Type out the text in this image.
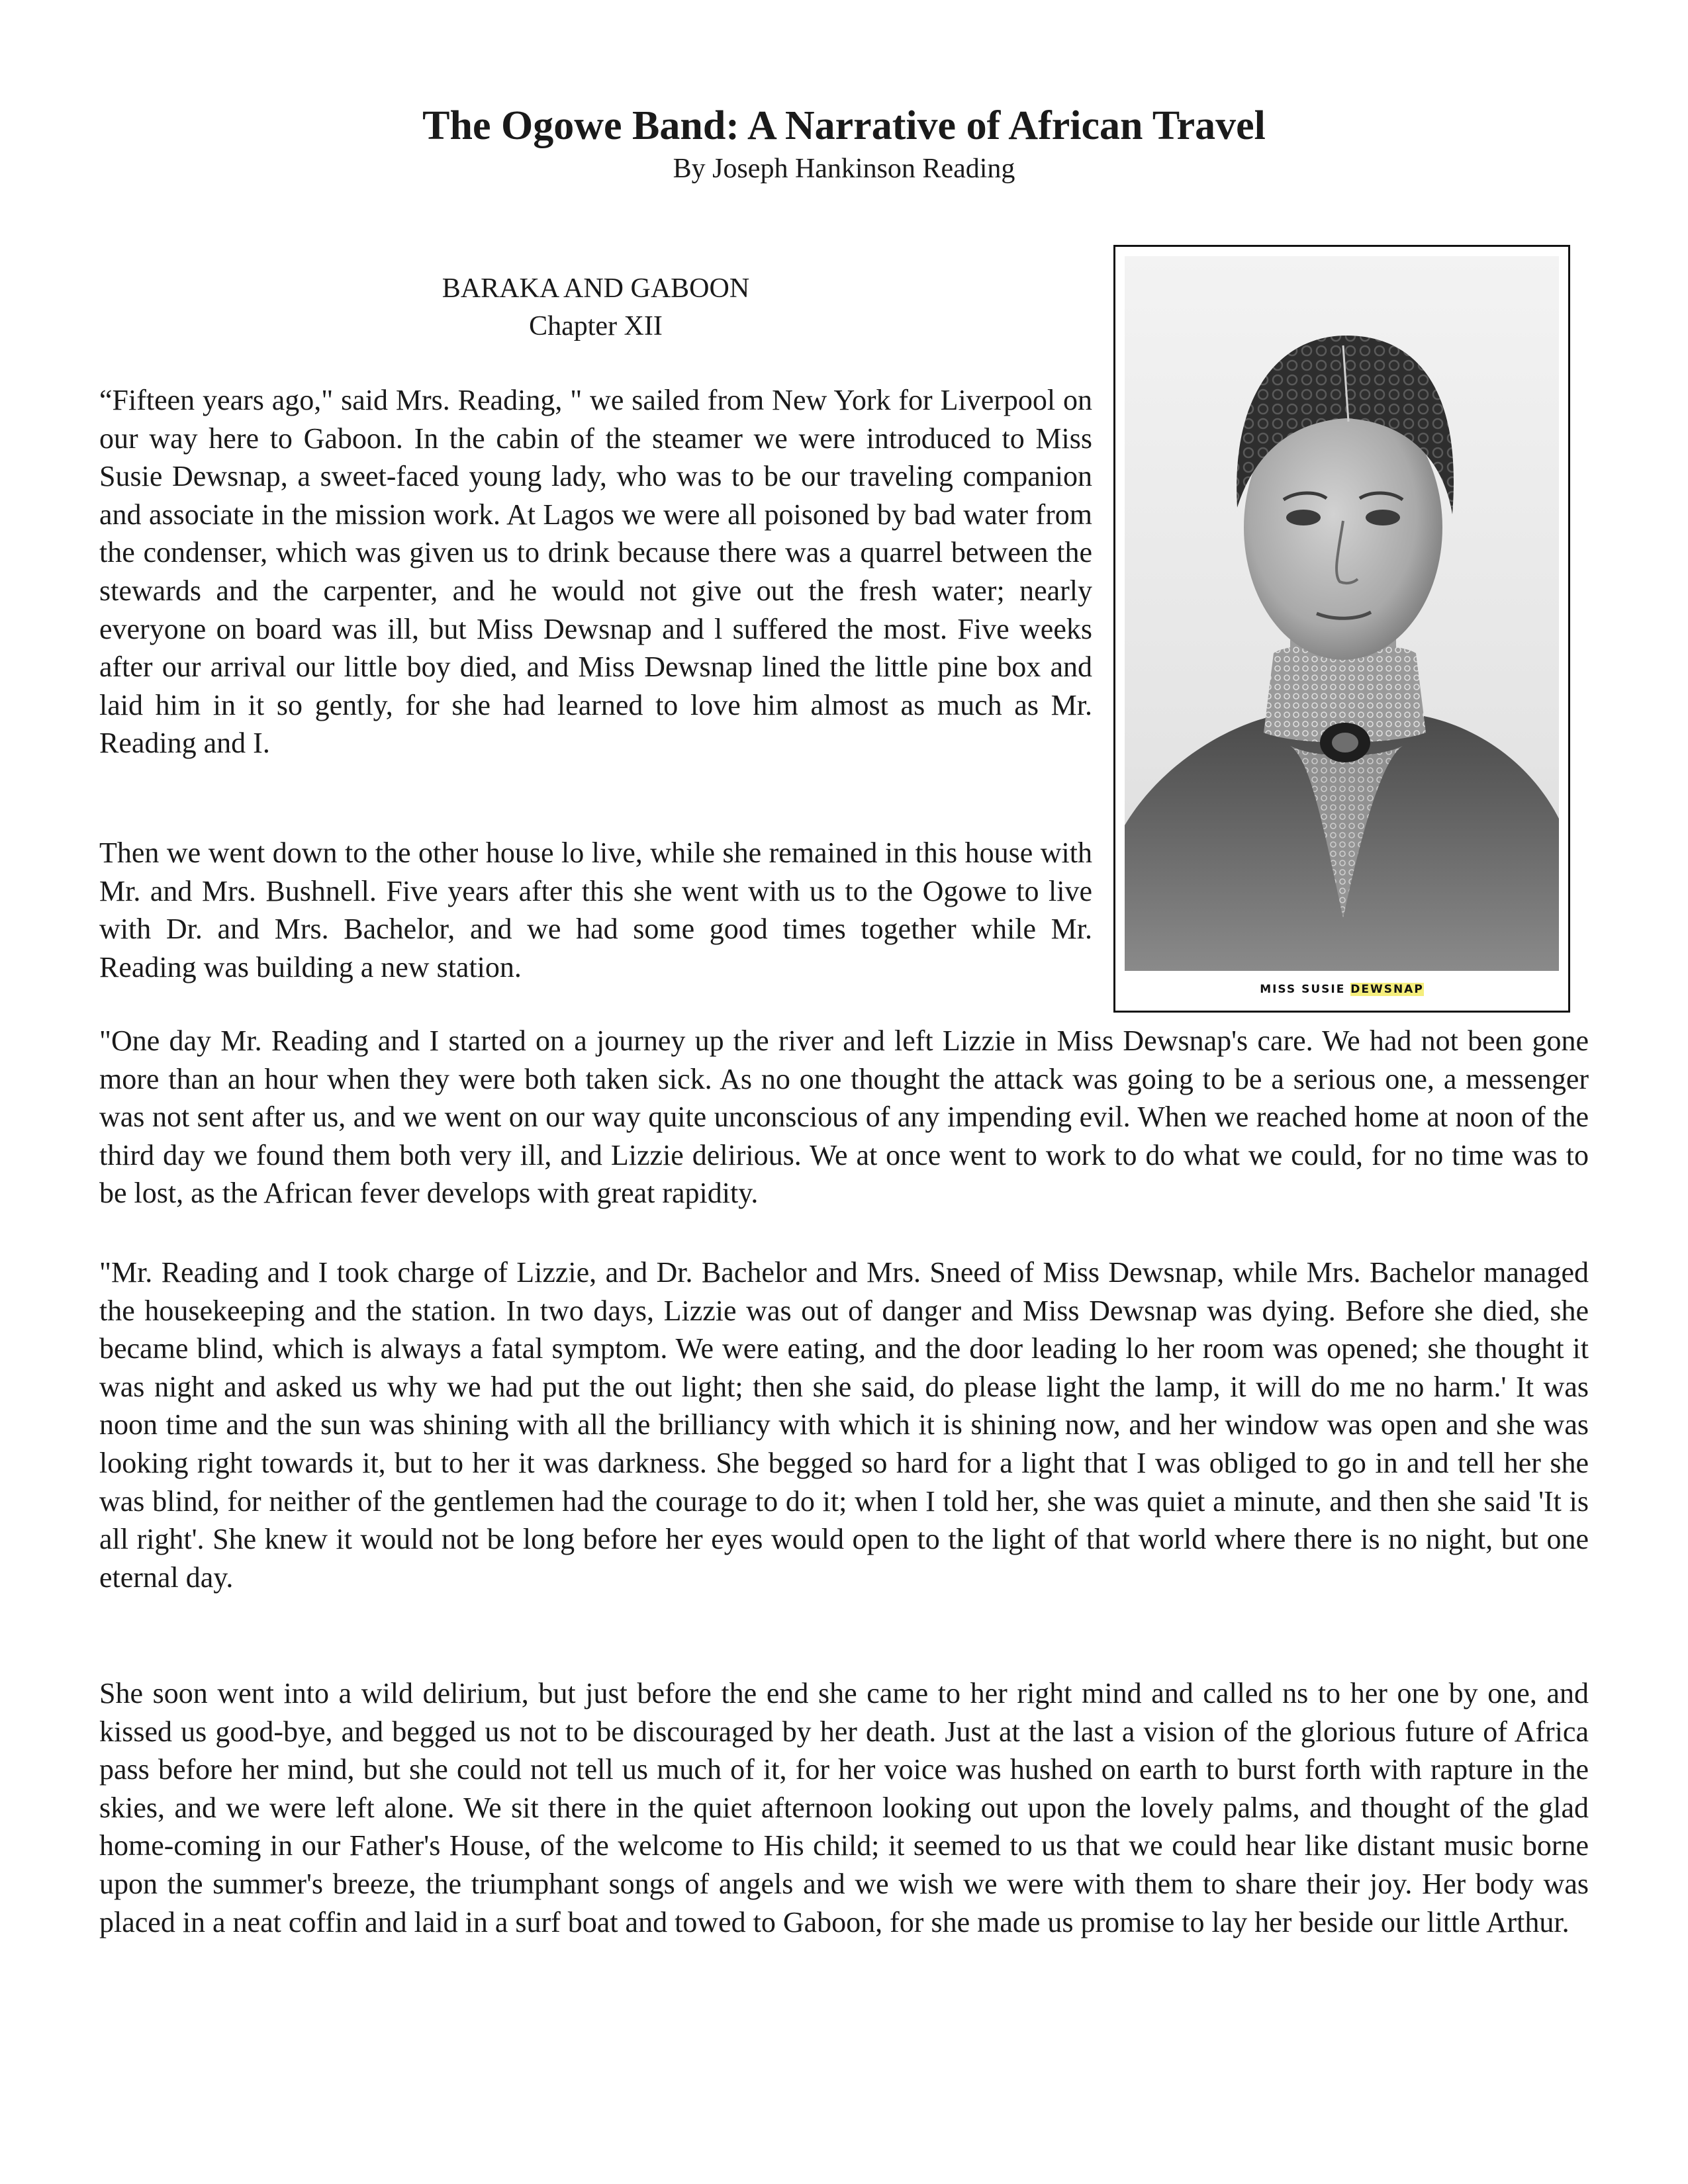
The Ogowe Band: A Narrative of African Travel

By Joseph Hankinson Reading

BARAKA AND GABOON
Chapter XII

“Fifteen years ago," said Mrs. Reading, " we sailed from New York for Liverpool on our way here to Gaboon. In the cabin of the steamer we were introduced to Miss Susie Dewsnap, a sweet-faced young lady, who was to be our traveling companion and associate in the mission work. At Lagos we were all poisoned by bad water from the condenser, which was given us to drink because there was a quarrel between the stewards and the carpenter, and he would not give out the fresh water; nearly everyone on board was ill, but Miss Dewsnap and l suffered the most. Five weeks after our arrival our little boy died, and Miss Dewsnap lined the little pine box and laid him in it so gently, for she had learned to love him almost as much as Mr. Reading and I.

Then we went down to the other house lo live, while she remained in this house with Mr. and Mrs. Bushnell. Five years after this she went with us to the Ogowe to live with Dr. and Mrs. Bachelor, and we had some good times together while Mr. Reading was building a new station.

"One day Mr. Reading and I started on a journey up the river and left Lizzie in Miss Dewsnap's care. We had not been gone more than an hour when they were both taken sick. As no one thought the attack was going to be a serious one, a messenger was not sent after us, and we went on our way quite unconscious of any impending evil. When we reached home at noon of the third day we found them both very ill, and Lizzie delirious. We at once went to work to do what we could, for no time was to be lost, as the African fever develops with great rapidity.

"Mr. Reading and I took charge of Lizzie, and Dr. Bachelor and Mrs. Sneed of Miss Dewsnap, while Mrs. Bachelor managed the housekeeping and the station. In two days, Lizzie was out of danger and Miss Dewsnap was dying. Before she died, she became blind, which is always a fatal symptom. We were eating, and the door leading lo her room was opened; she thought it was night and asked us why we had put the out light; then she said, do please light the lamp, it will do me no harm.' It was noon time and the sun was shining with all the brilliancy with which it is shining now, and her window was open and she was looking right towards it, but to her it was darkness. She begged so hard for a light that I was obliged to go in and tell her she was blind, for neither of the gentlemen had the courage to do it; when I told her, she was quiet a minute, and then she said 'It is all right'. She knew it would not be long before her eyes would open to the light of that world where there is no night, but one eternal day.

She soon went into a wild delirium, but just before the end she came to her right mind and called ns to her one by one, and kissed us good-bye, and begged us not to be discouraged by her death. Just at the last a vision of the glorious future of Africa pass before her mind, but she could not tell us much of it, for her voice was hushed on earth to burst forth with rapture in the skies, and we were left alone. We sit there in the quiet afternoon looking out upon the lovely palms, and thought of the glad home-coming in our Father's House, of the welcome to His child; it seemed to us that we could hear like distant music borne upon the summer's breeze, the triumphant songs of angels and we wish we were with them to share their joy. Her body was placed in a neat coffin and laid in a surf boat and towed to Gaboon, for she made us promise to lay her beside our little Arthur.

MISS SUSIE DEWSNAP
